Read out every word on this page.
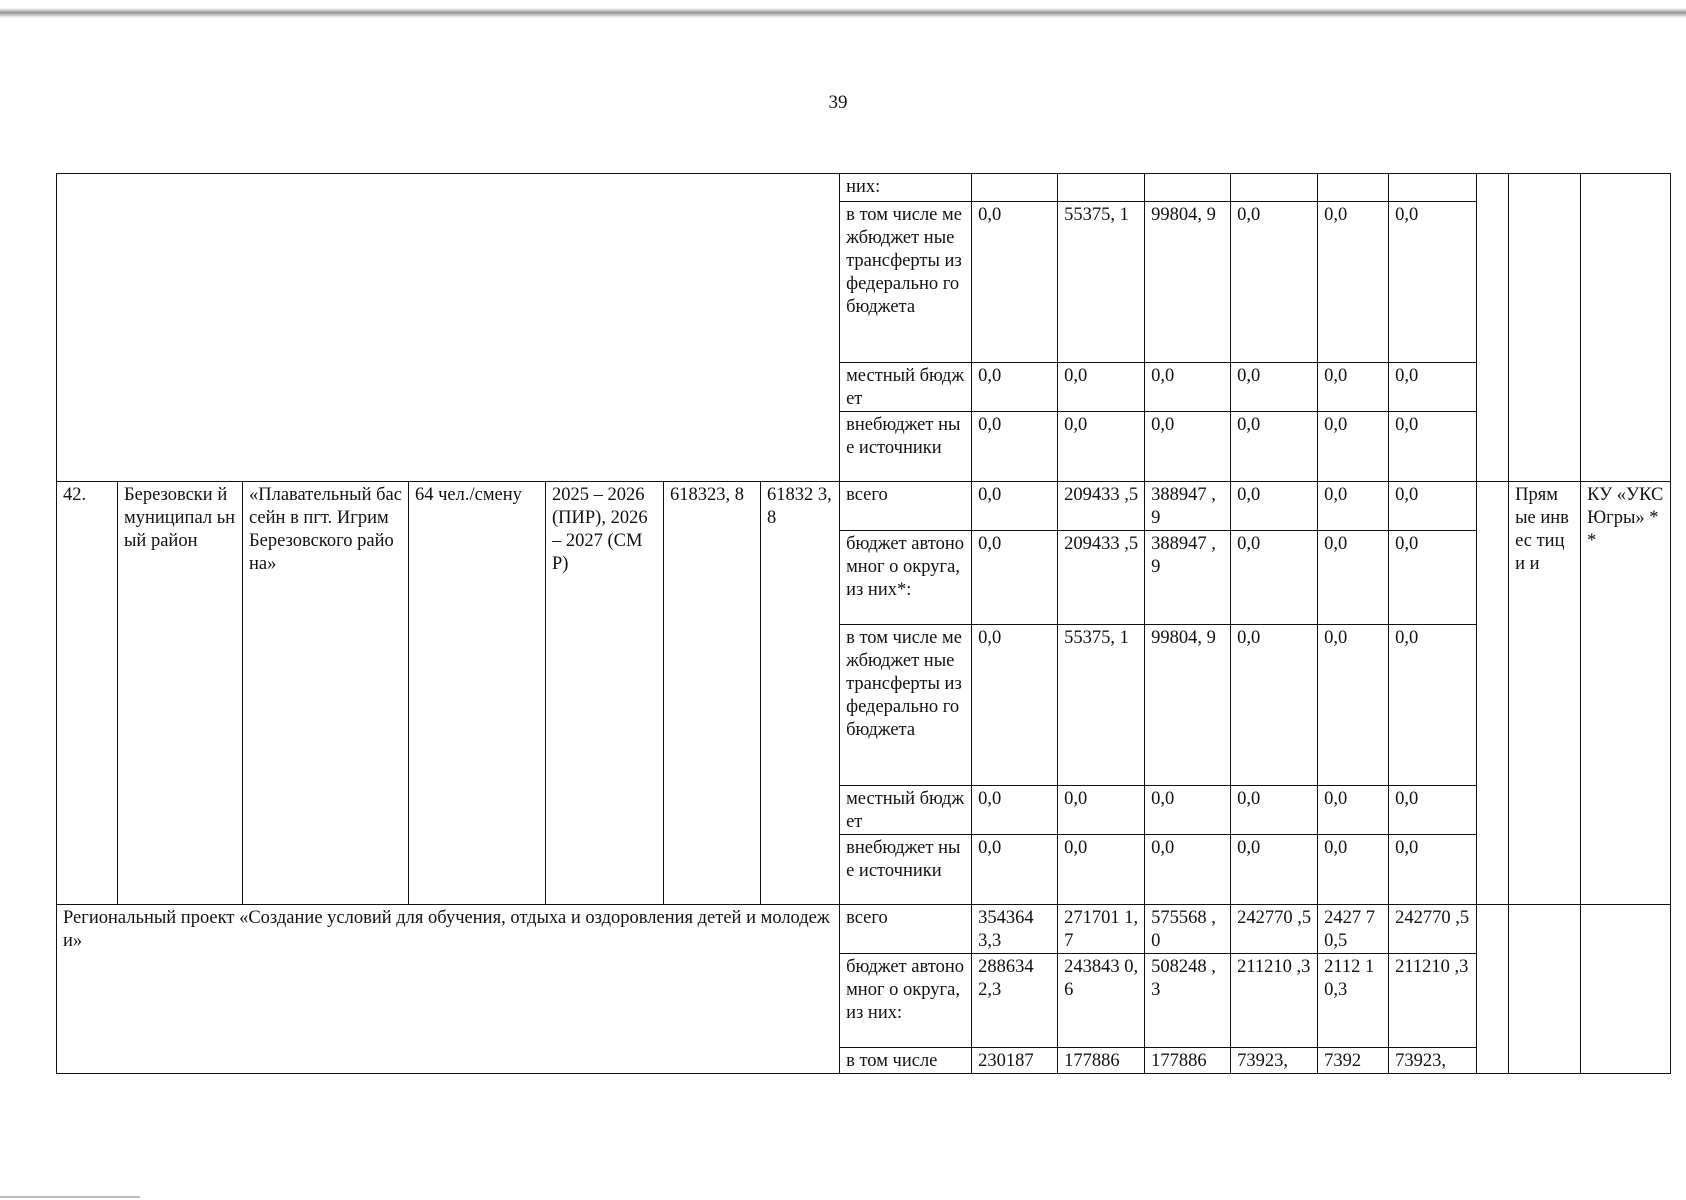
39
							них:									
							в том числе межбюджет ные трансферты из федерально го бюджета	0,0	55375, 1	99804, 9	0,0	0,0	0,0			
							местный бюджет	0,0	0,0	0,0	0,0	0,0	0,0			
							внебюджет ные источники	0,0	0,0	0,0	0,0	0,0	0,0			
42.	Березовски й муниципал ьный район	«Плавательный бассейн в пгт. Игрим Березовского района»	64 чел./смену	2025 – 2026 (ПИР), 2026 – 2027 (СМР)	618323, 8	61832 3,8	всего	0,0	209433 ,5	388947 ,9	0,0	0,0	0,0		Прям ые инвес тици и	КУ «УКС Югры» **
							бюджет автономног о округа, из них*:	0,0	209433 ,5	388947 ,9	0,0	0,0	0,0			
							в том числе межбюджет ные трансферты из федерально го бюджета	0,0	55375, 1	99804, 9	0,0	0,0	0,0			
							местный бюджет	0,0	0,0	0,0	0,0	0,0	0,0			
							внебюджет ные источники	0,0	0,0	0,0	0,0	0,0	0,0			
Региональный проект «Создание условий для обучения, отдыха и оздоровления детей и молодежи»							всего	354364 3,3	271701 1,7	575568 ,0	242770 ,5	2427 70,5	242770 ,5			
							бюджет автономног о округа, из них:	288634 2,3	243843 0,6	508248 ,3	211210 ,3	2112 10,3	211210 ,3			
							в том числе	230187	177886	177886	73923,	7392	73923,			
